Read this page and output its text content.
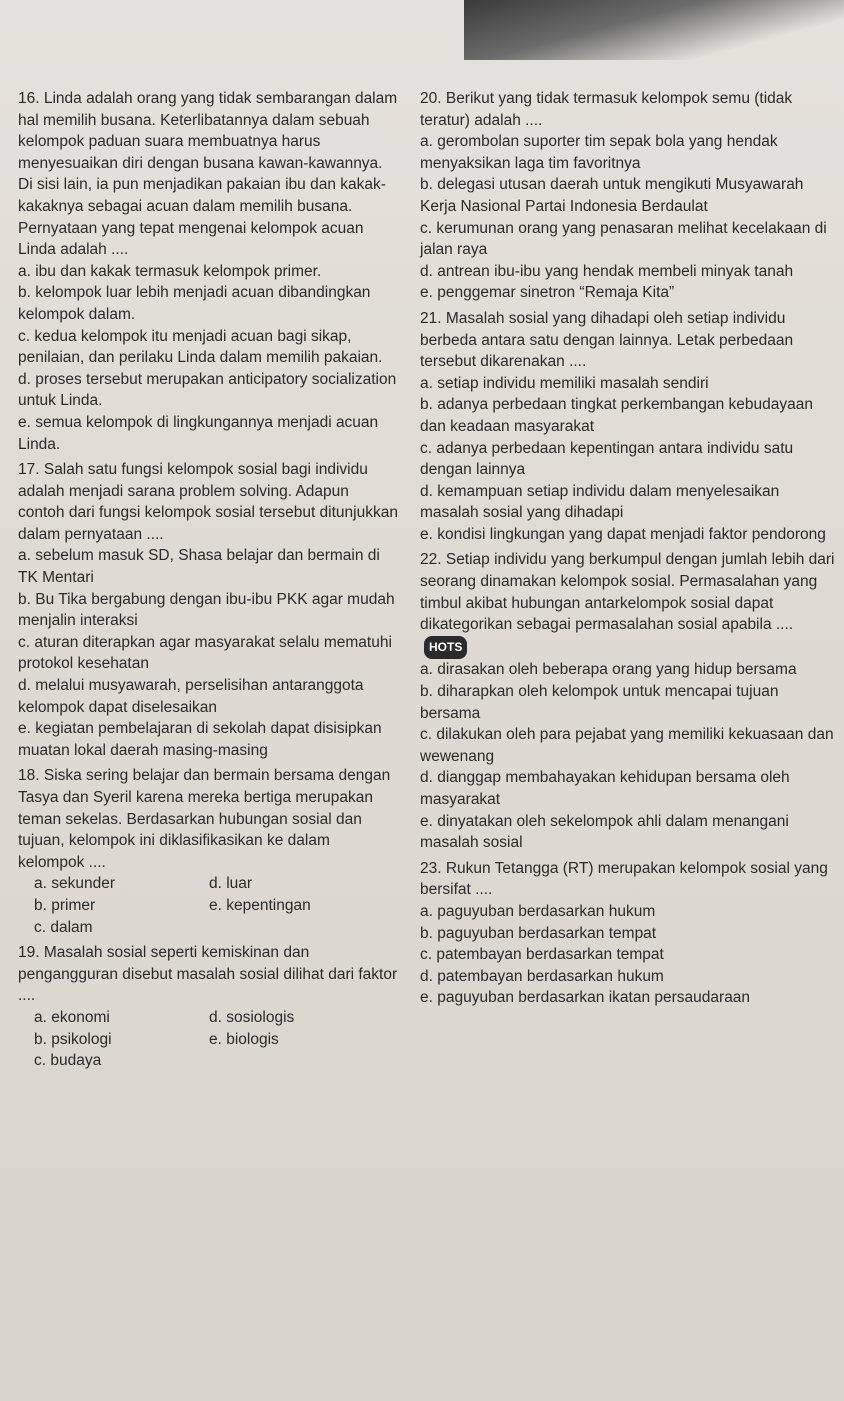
16. Linda adalah orang yang tidak sembarangan dalam hal memilih busana. Keterlibatannya dalam sebuah kelompok paduan suara membuatnya harus menyesuaikan diri dengan busana kawan-kawannya. Di sisi lain, ia pun menjadikan pakaian ibu dan kakak-kakaknya sebagai acuan dalam memilih busana. Pernyataan yang tepat mengenai kelompok acuan Linda adalah ....
a. ibu dan kakak termasuk kelompok primer.
b. kelompok luar lebih menjadi acuan dibandingkan kelompok dalam.
c. kedua kelompok itu menjadi acuan bagi sikap, penilaian, dan perilaku Linda dalam memilih pakaian.
d. proses tersebut merupakan anticipatory socialization untuk Linda.
e. semua kelompok di lingkungannya menjadi acuan Linda.
17. Salah satu fungsi kelompok sosial bagi individu adalah menjadi sarana problem solving. Adapun contoh dari fungsi kelompok sosial tersebut ditunjukkan dalam pernyataan ....
a. sebelum masuk SD, Shasa belajar dan bermain di TK Mentari
b. Bu Tika bergabung dengan ibu-ibu PKK agar mudah menjalin interaksi
c. aturan diterapkan agar masyarakat selalu mematuhi protokol kesehatan
d. melalui musyawarah, perselisihan antaranggota kelompok dapat diselesaikan
e. kegiatan pembelajaran di sekolah dapat disisipkan muatan lokal daerah masing-masing
18. Siska sering belajar dan bermain bersama dengan Tasya dan Syeril karena mereka bertiga merupakan teman sekelas. Berdasarkan hubungan sosial dan tujuan, kelompok ini diklasifikasikan ke dalam kelompok ....
a. sekunder	d. luar
b. primer	e. kepentingan
c. dalam
19. Masalah sosial seperti kemiskinan dan pengangguran disebut masalah sosial dilihat dari faktor ....
a. ekonomi	d. sosiologis
b. psikologi	e. biologis
c. budaya
20. Berikut yang tidak termasuk kelompok semu (tidak teratur) adalah ....
a. gerombolan suporter tim sepak bola yang hendak menyaksikan laga tim favoritnya
b. delegasi utusan daerah untuk mengikuti Musyawarah Kerja Nasional Partai Indonesia Berdaulat
c. kerumunan orang yang penasaran melihat kecelakaan di jalan raya
d. antrean ibu-ibu yang hendak membeli minyak tanah
e. penggemar sinetron “Remaja Kita”
21. Masalah sosial yang dihadapi oleh setiap individu berbeda antara satu dengan lainnya. Letak perbedaan tersebut dikarenakan ....
a. setiap individu memiliki masalah sendiri
b. adanya perbedaan tingkat perkembangan kebudayaan dan keadaan masyarakat
c. adanya perbedaan kepentingan antara individu satu dengan lainnya
d. kemampuan setiap individu dalam menyelesaikan masalah sosial yang dihadapi
e. kondisi lingkungan yang dapat menjadi faktor pendorong
22. Setiap individu yang berkumpul dengan jumlah lebih dari seorang dinamakan kelompok sosial. Permasalahan yang timbul akibat hubungan antarkelompok sosial dapat dikategorikan sebagai permasalahan sosial apabila .... HOTS
a. dirasakan oleh beberapa orang yang hidup bersama
b. diharapkan oleh kelompok untuk mencapai tujuan bersama
c. dilakukan oleh para pejabat yang memiliki kekuasaan dan wewenang
d. dianggap membahayakan kehidupan bersama oleh masyarakat
e. dinyatakan oleh sekelompok ahli dalam menangani masalah sosial
23. Rukun Tetangga (RT) merupakan kelompok sosial yang bersifat ....
a. paguyuban berdasarkan hukum
b. paguyuban berdasarkan tempat
c. patembayan berdasarkan tempat
d. patembayan berdasarkan hukum
e. paguyuban berdasarkan ikatan persaudaraan
